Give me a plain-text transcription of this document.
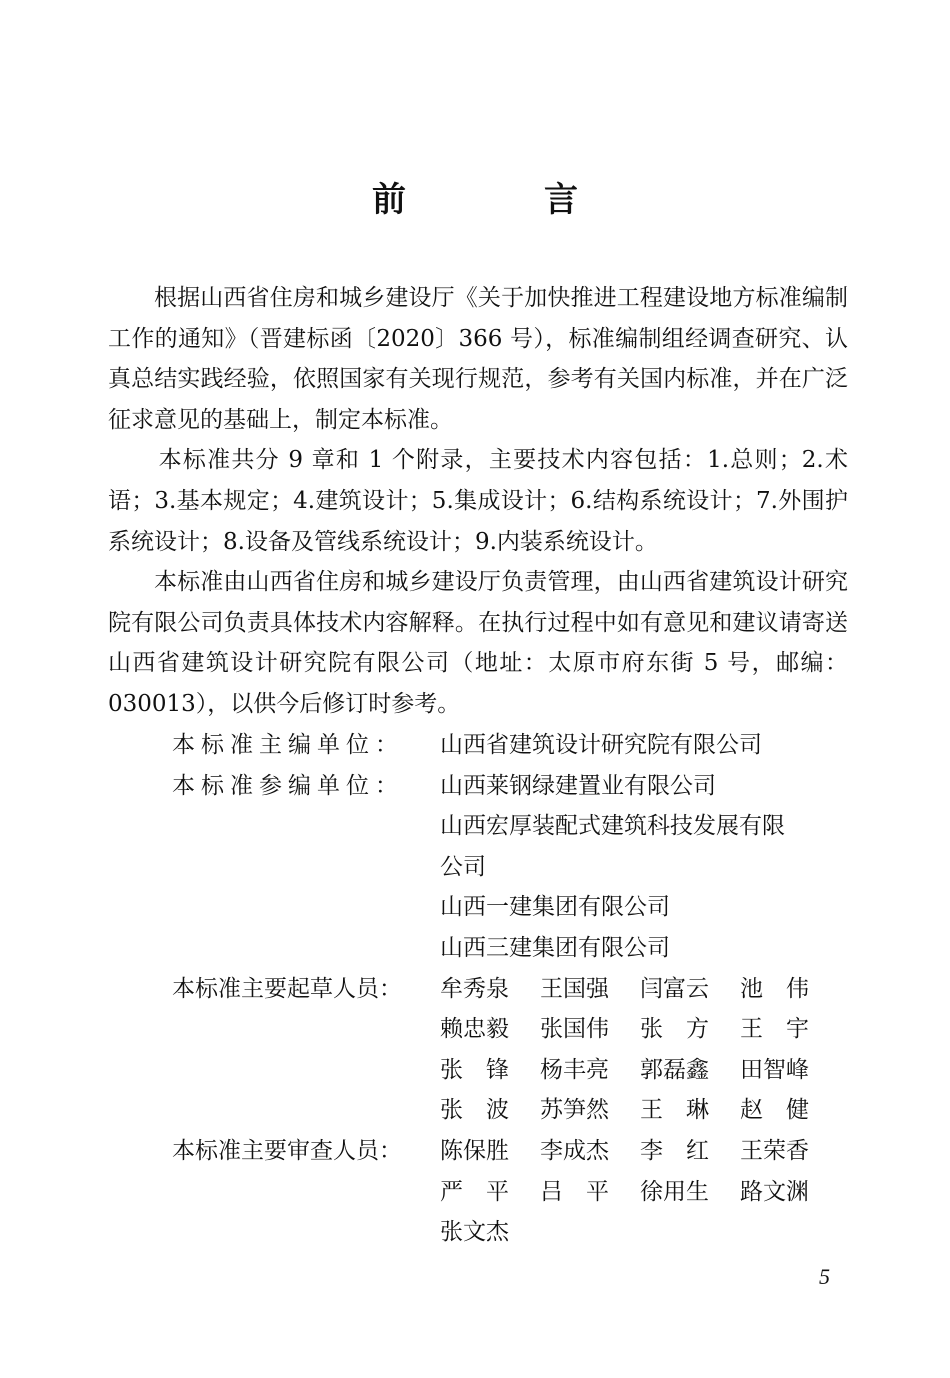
前　言

根据山西省住房和城乡建设厅《关于加快推进工程建设地方标准编制工作的通知》（晋建标函〔2020〕366 号），标准编制组经调查研究、认真总结实践经验，依照国家有关现行规范，参考有关国内标准，并在广泛征求意见的基础上，制定本标准。

本标准共分 9 章和 1 个附录，主要技术内容包括：1.总则；2.术语；3.基本规定；4.建筑设计；5.集成设计；6.结构系统设计；7.外围护系统设计；8.设备及管线系统设计；9.内装系统设计。

本标准由山西省住房和城乡建设厅负责管理，由山西省建筑设计研究院有限公司负责具体技术内容解释。在执行过程中如有意见和建议请寄送山西省建筑设计研究院有限公司（地址：太原市府东街 5 号，邮编：030013），以供今后修订时参考。

本标准主编单位：	山西省建筑设计研究院有限公司
本标准参编单位：	山西莱钢绿建置业有限公司
山西宏厚装配式建筑科技发展有限
公司
山西一建集团有限公司
山西三建集团有限公司
本标准主要起草人员：	牟秀泉	王国强	闫富云	池　伟
赖忠毅	张国伟	张　方	王　宇
张　锋	杨丰亮	郭磊鑫	田智峰
张　波	苏笋然	王　琳	赵　健
本标准主要审查人员：	陈保胜	李成杰	李　红	王荣香
严　平	吕　平	徐用生	路文渊
张文杰
5
